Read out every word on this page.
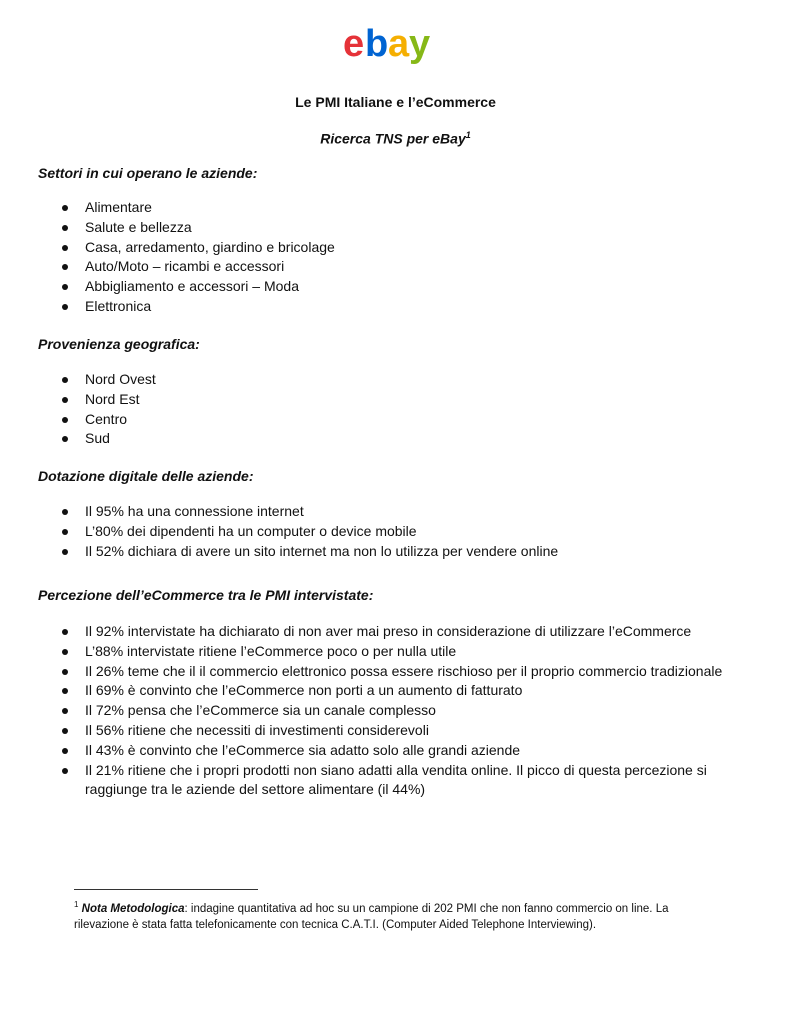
e b a y
Le PMI Italiane e l’eCommerce
Ricerca TNS per eBay$^1$
Settori in cui operano le aziende:
Alimentare
Salute e bellezza
Casa, arredamento, giardino e bricolage
Auto/Moto – ricambi e accessori
Abbigliamento e accessori – Moda
Elettronica
Provenienza geografica:
Nord Ovest
Nord Est
Centro
Sud
Dotazione digitale delle aziende:
Il 95% ha una connessione internet
L’80% dei dipendenti ha un computer o device mobile
Il 52% dichiara di avere un sito internet ma non lo utilizza per vendere online
Percezione dell’eCommerce tra le PMI intervistate:
Il 92% intervistate ha dichiarato di non aver mai preso in considerazione di utilizzare l’eCommerce
L’88% intervistate ritiene l’eCommerce poco o per nulla utile
Il 26% teme che il il commercio elettronico possa essere rischioso per il proprio commercio tradizionale
Il 69% è convinto che l’eCommerce non porti a un aumento di fatturato
Il 72% pensa che l’eCommerce sia un canale complesso
Il 56% ritiene che necessiti di investimenti considerevoli
Il 43% è convinto che l’eCommerce sia adatto solo alle grandi aziende
Il 21% ritiene che i propri prodotti non siano adatti alla vendita online. Il picco di questa percezione si raggiunge tra le aziende del settore alimentare (il 44%)
$^1$ Nota Metodologica: indagine quantitativa ad hoc su un campione di 202 PMI che non fanno commercio on line. La rilevazione è stata fatta telefonicamente con tecnica C.A.T.I. (Computer Aided Telephone Interviewing).
